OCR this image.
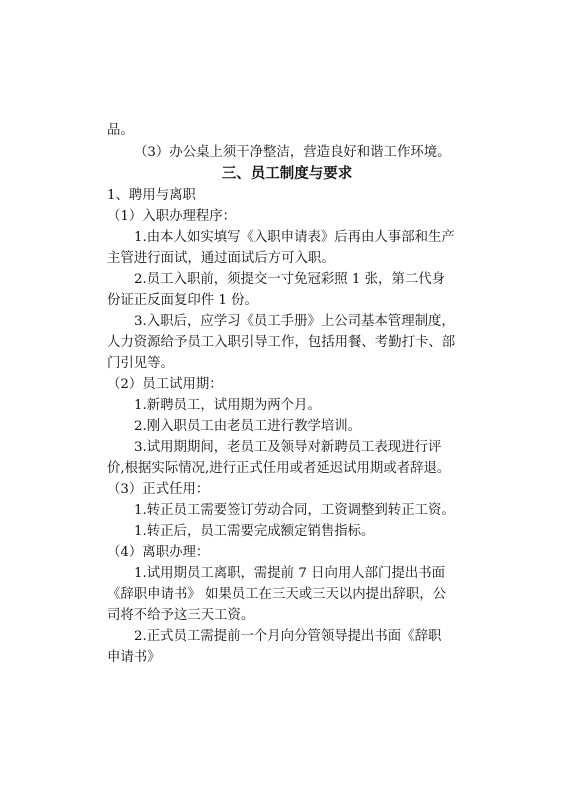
品。
（3）办公桌上须干净整洁，营造良好和谐工作环境。
三、员工制度与要求
1、聘用与离职
（1）入职办理程序：
1.由本人如实填写《入职申请表》后再由人事部和生产
主管进行面试，通过面试后方可入职。
2.员工入职前，须提交一寸免冠彩照 1 张，第二代身
份证正反面复印件 1 份。
3.入职后，应学习《员工手册》上公司基本管理制度，
人力资源给予员工入职引导工作，包括用餐、考勤打卡、部
门引见等。
（2）员工试用期：
1.新聘员工，试用期为两个月。
2.刚入职员工由老员工进行教学培训。
3.试用期期间，老员工及领导对新聘员工表现进行评
价,根据实际情况,进行正式任用或者延迟试用期或者辞退。
（3）正式任用：
1.转正员工需要签订劳动合同，工资调整到转正工资。
1.转正后，员工需要完成额定销售指标。
（4）离职办理：
1.试用期员工离职，需提前 7 日向用人部门提出书面
《辞职申请书》 如果员工在三天或三天以内提出辞职，公
司将不给予这三天工资。
2.正式员工需提前一个月向分管领导提出书面《辞职
申请书》
